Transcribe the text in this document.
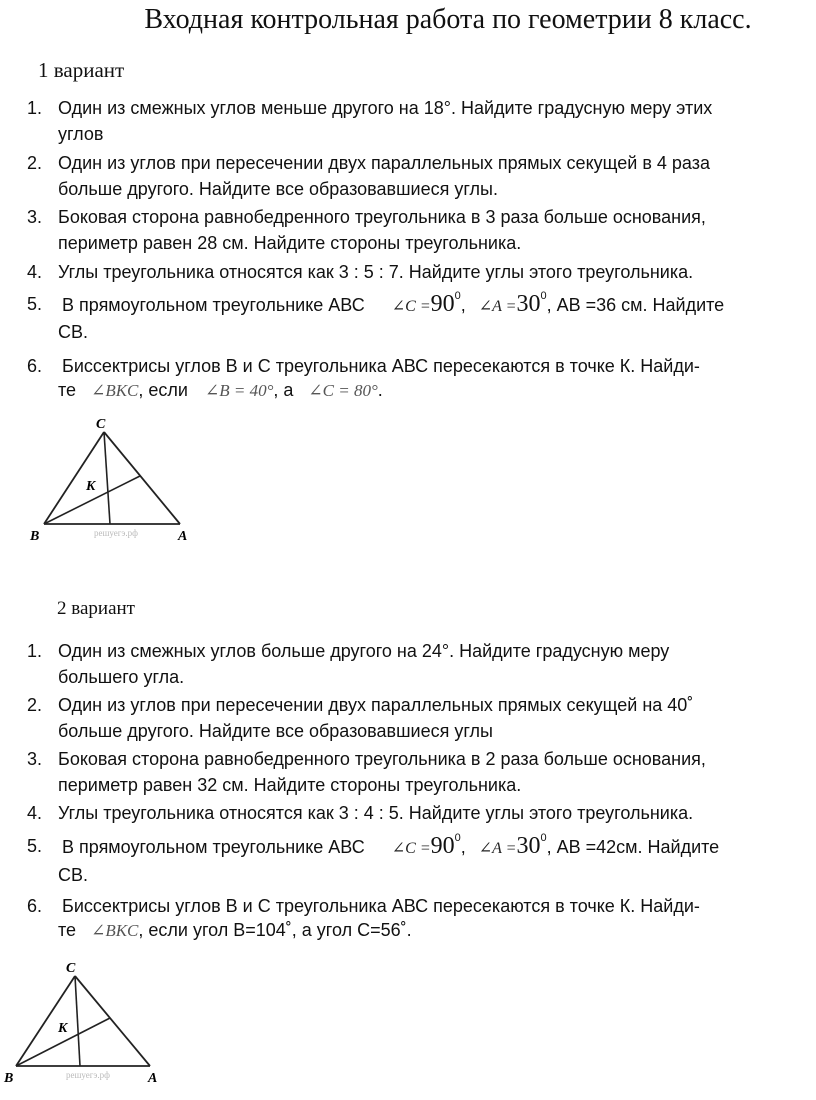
Входная контрольная работа по геометрии 8 класс.
1 вариант
1. Один из смежных углов меньше другого на 18°. Найдите градусную меру этих
углов
2. Один из углов при пересечении двух параллельных прямых секущей в 4 раза
больше другого. Найдите все образовавшиеся углы.
3. Боковая сторона равнобедренного треугольника в 3 раза больше основания,
периметр равен 28 см. Найдите стороны треугольника.
4. Углы треугольника относятся как 3 : 5 : 7. Найдите углы этого треугольника.
5. В прямоугольном треугольнике АВС ∠C $=90^0$, ∠A $=30^0$, АВ =36 см. Найдите
СВ.
6. Биссектрисы углов В и С треугольника АВС пересекаются в точке К. Найди-
те ∠BKC, если ∠B = 40°, а ∠C = 80°.
C
K
B	A
решуегэ.рф
2 вариант
1. Один из смежных углов больше другого на 24°. Найдите градусную меру
большего угла.
2. Один из углов при пересечении двух параллельных прямых секущей на 40˚
больше другого. Найдите все образовавшиеся углы
3. Боковая сторона равнобедренного треугольника в 2 раза больше основания,
периметр равен 32 см. Найдите стороны треугольника.
4. Углы треугольника относятся как 3 : 4 : 5. Найдите углы этого треугольника.
5. В прямоугольном треугольнике АВС ∠C $=90^0$, ∠A $=30^0$, АВ =42см. Найдите
СВ.
6. Биссектрисы углов В и С треугольника АВС пересекаются в точке К. Найди-
те ∠BKC, если угол В=104˚, а угол С=56˚.
C
K
B	A
решуегэ.рф
